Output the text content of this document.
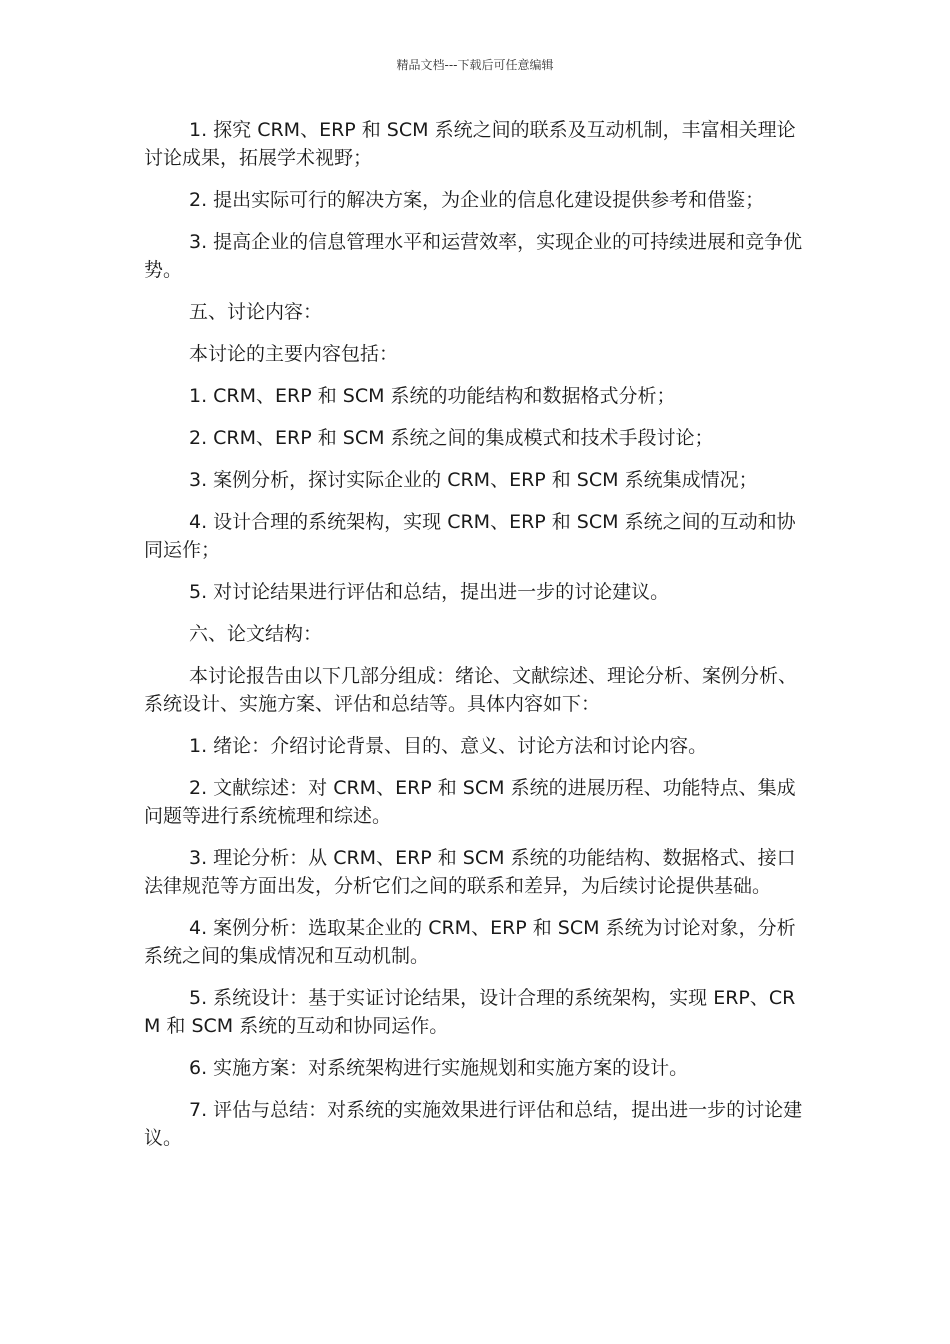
精品文档---下载后可任意编辑

1. 探究 CRM、ERP 和 SCM 系统之间的联系及互动机制，丰富相关理论讨论成果，拓展学术视野；

2. 提出实际可行的解决方案，为企业的信息化建设提供参考和借鉴；

3. 提高企业的信息管理水平和运营效率，实现企业的可持续进展和竞争优势。

五、讨论内容：

本讨论的主要内容包括：

1. CRM、ERP 和 SCM 系统的功能结构和数据格式分析；

2. CRM、ERP 和 SCM 系统之间的集成模式和技术手段讨论；

3. 案例分析，探讨实际企业的 CRM、ERP 和 SCM 系统集成情况；

4. 设计合理的系统架构，实现 CRM、ERP 和 SCM 系统之间的互动和协同运作；

5. 对讨论结果进行评估和总结，提出进一步的讨论建议。

六、论文结构：

本讨论报告由以下几部分组成：绪论、文献综述、理论分析、案例分析、系统设计、实施方案、评估和总结等。具体内容如下：

1. 绪论：介绍讨论背景、目的、意义、讨论方法和讨论内容。

2. 文献综述：对 CRM、ERP 和 SCM 系统的进展历程、功能特点、集成问题等进行系统梳理和综述。

3. 理论分析：从 CRM、ERP 和 SCM 系统的功能结构、数据格式、接口法律规范等方面出发，分析它们之间的联系和差异，为后续讨论提供基础。

4. 案例分析：选取某企业的 CRM、ERP 和 SCM 系统为讨论对象，分析系统之间的集成情况和互动机制。

5. 系统设计：基于实证讨论结果，设计合理的系统架构，实现 ERP、CRM 和 SCM 系统的互动和协同运作。

6. 实施方案：对系统架构进行实施规划和实施方案的设计。

7. 评估与总结：对系统的实施效果进行评估和总结，提出进一步的讨论建议。
